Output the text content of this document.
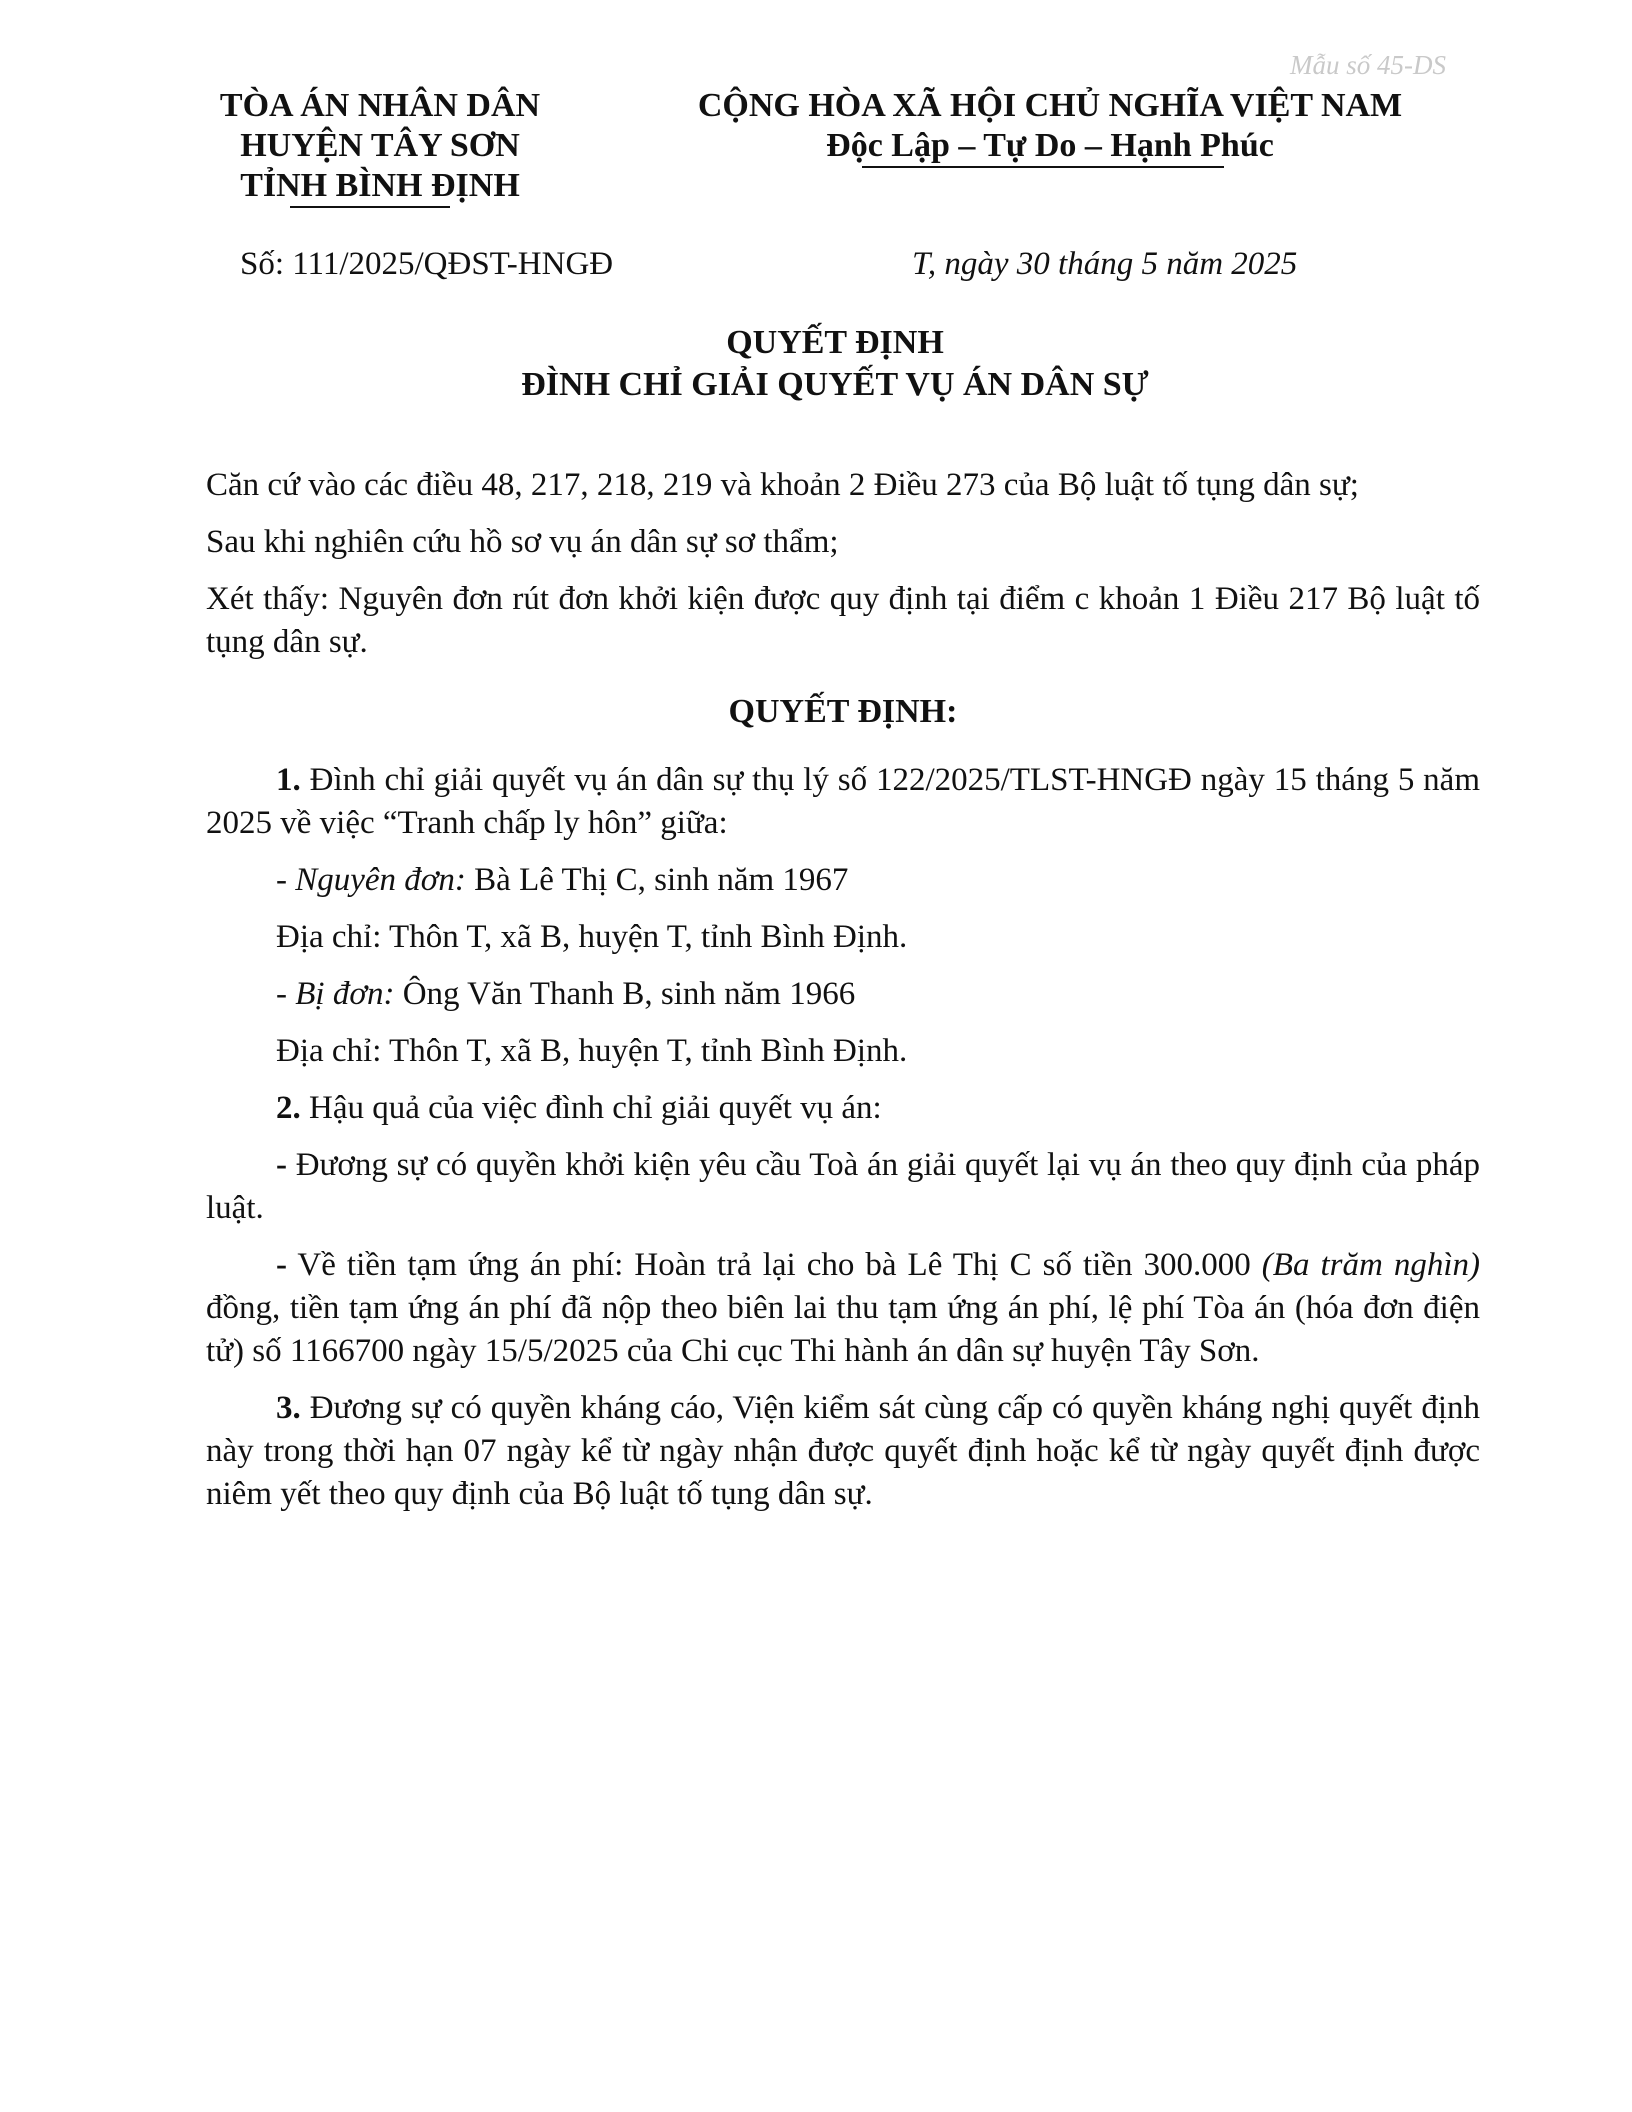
Mẫu số 45-DS
TÒA ÁN NHÂN DÂN
HUYỆN TÂY SƠN
TỈNH BÌNH ĐỊNH
CỘNG HÒA XÃ HỘI CHỦ NGHĨA VIỆT NAM
Độc Lập – Tự Do – Hạnh Phúc
Số: 111/2025/QĐST-HNGĐ	T, ngày 30 tháng 5 năm 2025
QUYẾT ĐỊNH
ĐÌNH CHỈ GIẢI QUYẾT VỤ ÁN DÂN SỰ

Căn cứ vào các điều 48, 217, 218, 219 và khoản 2 Điều 273 của Bộ luật tố tụng dân sự;

Sau khi nghiên cứu hồ sơ vụ án dân sự sơ thẩm;

Xét thấy: Nguyên đơn rút đơn khởi kiện được quy định tại điểm c khoản 1 Điều 217 Bộ luật tố tụng dân sự.

QUYẾT ĐỊNH:

1. Đình chỉ giải quyết vụ án dân sự thụ lý số 122/2025/TLST-HNGĐ ngày 15 tháng 5 năm 2025 về việc “Tranh chấp ly hôn” giữa:

- Nguyên đơn: Bà Lê Thị C, sinh năm 1967

Địa chỉ: Thôn T, xã B, huyện T, tỉnh Bình Định.

- Bị đơn: Ông Văn Thanh B, sinh năm 1966

Địa chỉ: Thôn T, xã B, huyện T, tỉnh Bình Định.

2. Hậu quả của việc đình chỉ giải quyết vụ án:

- Đương sự có quyền khởi kiện yêu cầu Toà án giải quyết lại vụ án theo quy định của pháp luật.

- Về tiền tạm ứng án phí: Hoàn trả lại cho bà Lê Thị C số tiền 300.000 (Ba trăm nghìn) đồng, tiền tạm ứng án phí đã nộp theo biên lai thu tạm ứng án phí, lệ phí Tòa án (hóa đơn điện tử) số 1166700 ngày 15/5/2025 của Chi cục Thi hành án dân sự huyện Tây Sơn.

3. Đương sự có quyền kháng cáo, Viện kiểm sát cùng cấp có quyền kháng nghị quyết định này trong thời hạn 07 ngày kể từ ngày nhận được quyết định hoặc kể từ ngày quyết định được niêm yết theo quy định của Bộ luật tố tụng dân sự.
